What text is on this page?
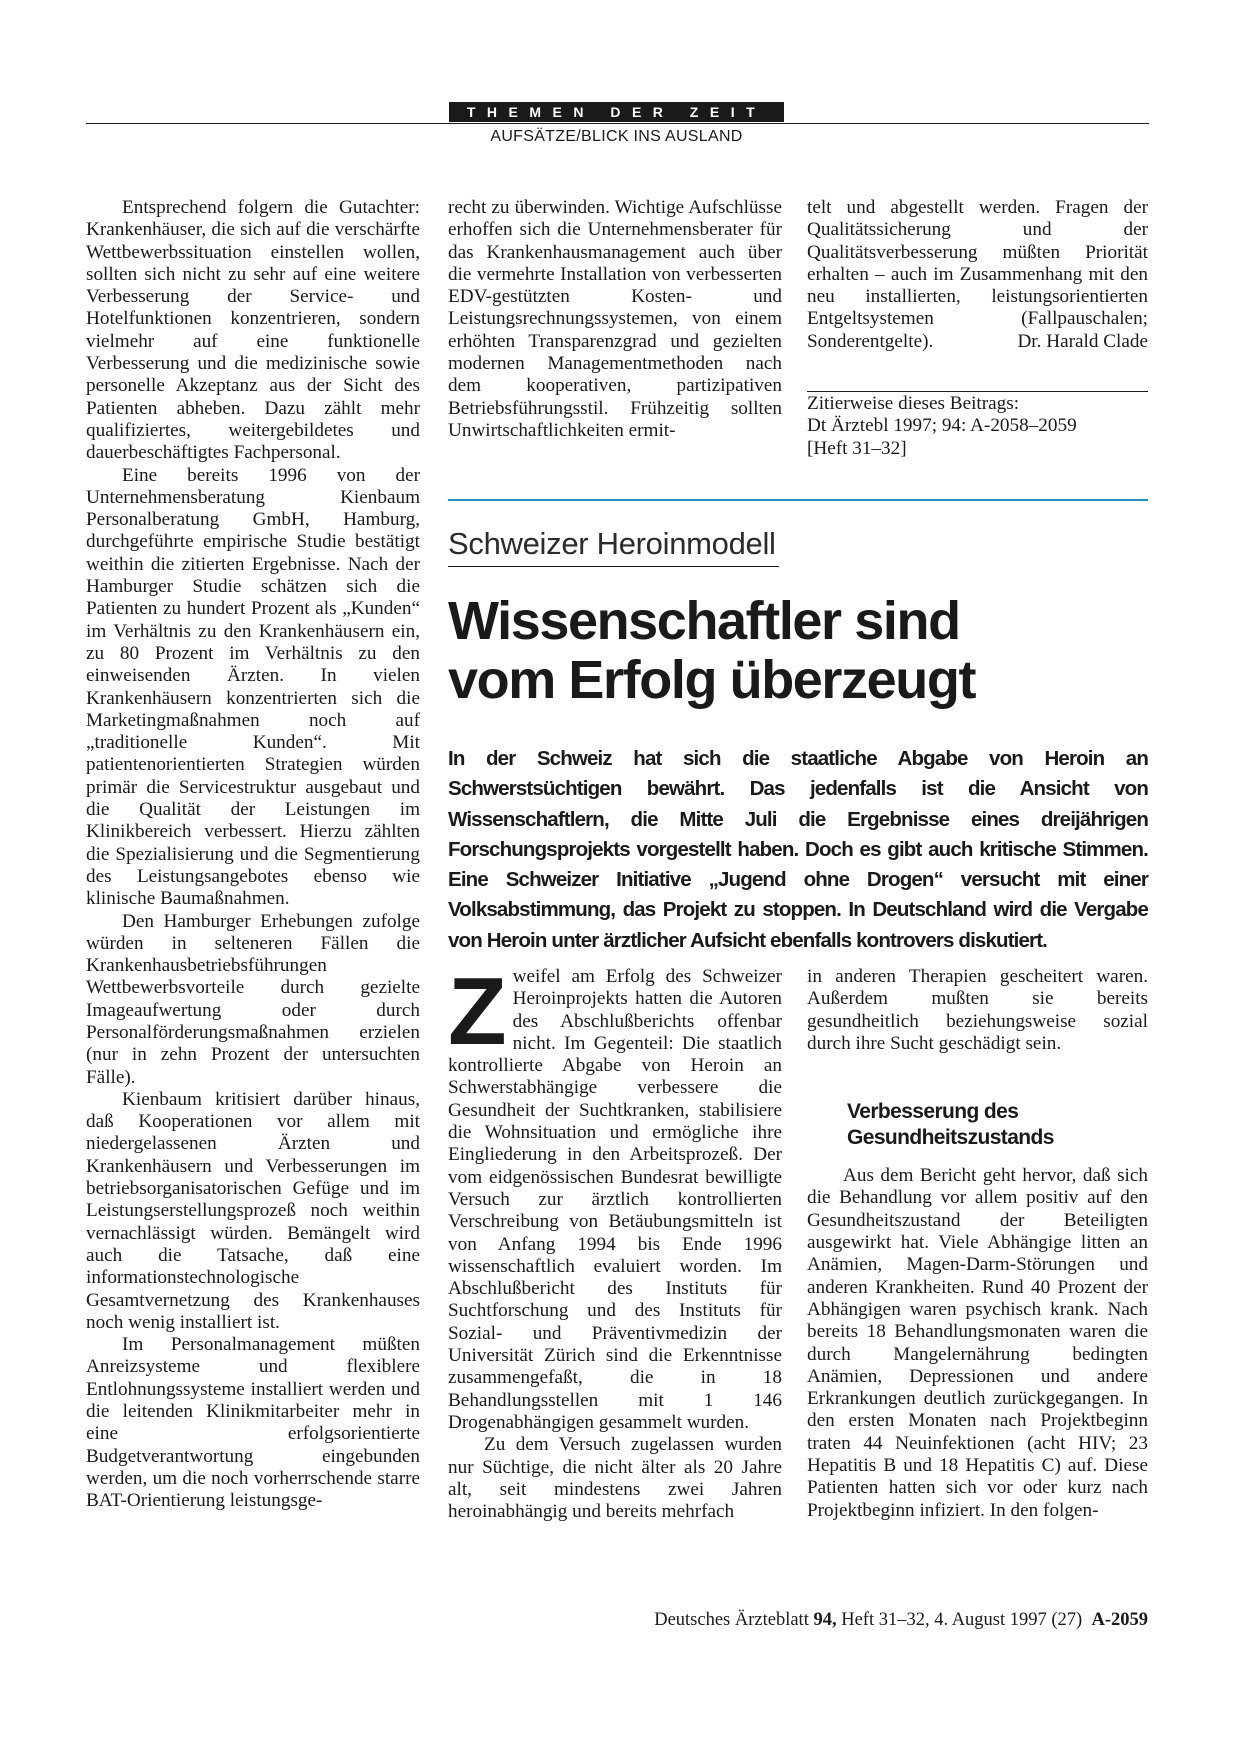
THEMEN DER ZEIT
AUFSÄTZE/BLICK INS AUSLAND

Entsprechend folgern die Gutachter: Krankenhäuser, die sich auf die verschärfte Wettbewerbssituation einstellen wollen, sollten sich nicht zu sehr auf eine weitere Verbesserung der Service- und Hotelfunktionen konzentrieren, sondern vielmehr auf eine funktionelle Verbesserung und die medizinische sowie personelle Akzeptanz aus der Sicht des Patienten abheben. Dazu zählt mehr qualifiziertes, weitergebildetes und dauerbeschäftigtes Fachpersonal.

Eine bereits 1996 von der Unternehmensberatung Kienbaum Personalberatung GmbH, Hamburg, durchgeführte empirische Studie bestätigt weithin die zitierten Ergebnisse. Nach der Hamburger Studie schätzen sich die Patienten zu hundert Prozent als „Kunden“ im Verhältnis zu den Krankenhäusern ein, zu 80 Prozent im Verhältnis zu den einweisenden Ärzten. In vielen Krankenhäusern konzentrierten sich die Marketingmaßnahmen noch auf „traditionelle Kunden“. Mit patientenorientierten Strategien würden primär die Servicestruktur ausgebaut und die Qualität der Leistungen im Klinikbereich verbessert. Hierzu zählten die Spezialisierung und die Segmentierung des Leistungsangebotes ebenso wie klinische Baumaßnahmen.

Den Hamburger Erhebungen zufolge würden in selteneren Fällen die Krankenhausbetriebsführungen Wettbewerbsvorteile durch gezielte Imageaufwertung oder durch Personalförderungsmaßnahmen erzielen (nur in zehn Prozent der untersuchten Fälle).

Kienbaum kritisiert darüber hinaus, daß Kooperationen vor allem mit niedergelassenen Ärzten und Krankenhäusern und Verbesserungen im betriebsorganisatorischen Gefüge und im Leistungserstellungsprozeß noch weithin vernachlässigt würden. Bemängelt wird auch die Tatsache, daß eine informationstechnologische Gesamtvernetzung des Krankenhauses noch wenig installiert ist.

Im Personalmanagement müßten Anreizsysteme und flexiblere Entlohnungssysteme installiert werden und die leitenden Klinikmitarbeiter mehr in eine erfolgsorientierte Budgetverantwortung eingebunden werden, um die noch vorherrschende starre BAT-Orientierung leistungsge-

recht zu überwinden. Wichtige Aufschlüsse erhoffen sich die Unternehmensberater für das Krankenhausmanagement auch über die vermehrte Installation von verbesserten EDV-gestützten Kosten- und Leistungsrechnungssystemen, von einem erhöhten Transparenzgrad und gezielten modernen Managementmethoden nach dem kooperativen, partizipativen Betriebsführungsstil. Frühzeitig sollten Unwirtschaftlichkeiten ermit-

telt und abgestellt werden. Fragen der Qualitätssicherung und der Qualitätsverbesserung müßten Priorität erhalten – auch im Zusammenhang mit den neu installierten, leistungsorientierten Entgeltsystemen (Fallpauschalen; Sonderentgelte).	Dr. Harald Clade

Zitierweise dieses Beitrags:
Dt Ärztebl 1997; 94: A-2058–2059
[Heft 31–32]
Schweizer Heroinmodell
Wissenschaftler sind
vom Erfolg überzeugt
In der Schweiz hat sich die staatliche Abgabe von Heroin an Schwerstsüchtigen bewährt. Das jedenfalls ist die Ansicht von Wissenschaftlern, die Mitte Juli die Ergebnisse eines dreijährigen Forschungsprojekts vorgestellt haben. Doch es gibt auch kritische Stimmen. Eine Schweizer Initiative „Jugend ohne Drogen“ versucht mit einer Volksabstimmung, das Projekt zu stoppen. In Deutschland wird die Vergabe von Heroin unter ärztlicher Aufsicht ebenfalls kontrovers diskutiert.

Zweifel am Erfolg des Schweizer Heroinprojekts hatten die Autoren des Abschlußberichts offenbar nicht. Im Gegenteil: Die staatlich kontrollierte Abgabe von Heroin an Schwerstabhängige verbessere die Gesundheit der Suchtkranken, stabilisiere die Wohnsituation und ermögliche ihre Eingliederung in den Arbeitsprozeß. Der vom eidgenössischen Bundesrat bewilligte Versuch zur ärztlich kontrollierten Verschreibung von Betäubungsmitteln ist von Anfang 1994 bis Ende 1996 wissenschaftlich evaluiert worden. Im Abschlußbericht des Instituts für Suchtforschung und des Instituts für Sozial- und Präventivmedizin der Universität Zürich sind die Erkenntnisse zusammengefaßt, die in 18 Behandlungsstellen mit 1 146 Drogenabhängigen gesammelt wurden.

Zu dem Versuch zugelassen wurden nur Süchtige, die nicht älter als 20 Jahre alt, seit mindestens zwei Jahren heroinabhängig und bereits mehrfach

in anderen Therapien gescheitert waren. Außerdem mußten sie bereits gesundheitlich beziehungsweise sozial durch ihre Sucht geschädigt sein.

Verbesserung des Gesundheitszustands

Aus dem Bericht geht hervor, daß sich die Behandlung vor allem positiv auf den Gesundheitszustand der Beteiligten ausgewirkt hat. Viele Abhängige litten an Anämien, Magen-Darm-Störungen und anderen Krankheiten. Rund 40 Prozent der Abhängigen waren psychisch krank. Nach bereits 18 Behandlungsmonaten waren die durch Mangelernährung bedingten Anämien, Depressionen und andere Erkrankungen deutlich zurückgegangen. In den ersten Monaten nach Projektbeginn traten 44 Neuinfektionen (acht HIV; 23 Hepatitis B und 18 Hepatitis C) auf. Diese Patienten hatten sich vor oder kurz nach Projektbeginn infiziert. In den folgen-

Deutsches Ärzteblatt 94, Heft 31–32, 4. August 1997 (27) A-2059
